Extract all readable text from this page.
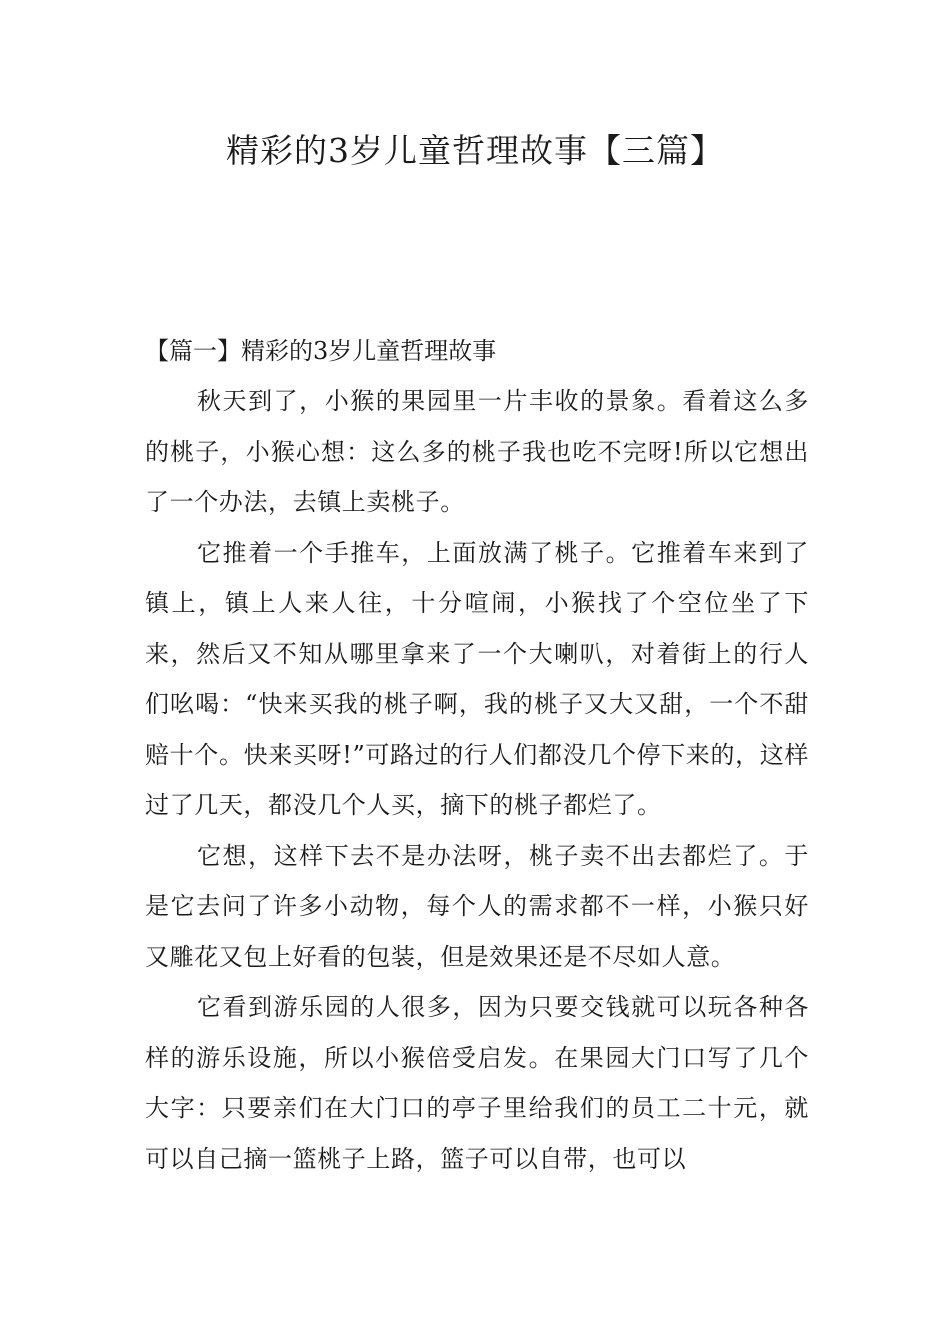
精彩的3岁儿童哲理故事【三篇】

【篇一】精彩的3岁儿童哲理故事

秋天到了，小猴的果园里一片丰收的景象。看着这么多的桃子，小猴心想：这么多的桃子我也吃不完呀!所以它想出了一个办法，去镇上卖桃子。

它推着一个手推车，上面放满了桃子。它推着车来到了镇上，镇上人来人往，十分喧闹，小猴找了个空位坐了下来，然后又不知从哪里拿来了一个大喇叭，对着街上的行人们吆喝：“快来买我的桃子啊，我的桃子又大又甜，一个不甜赔十个。快来买呀!”可路过的行人们都没几个停下来的，这样过了几天，都没几个人买，摘下的桃子都烂了。

它想，这样下去不是办法呀，桃子卖不出去都烂了。于是它去问了许多小动物，每个人的需求都不一样，小猴只好又雕花又包上好看的包装，但是效果还是不尽如人意。

它看到游乐园的人很多，因为只要交钱就可以玩各种各样的游乐设施，所以小猴倍受启发。在果园大门口写了几个大字：只要亲们在大门口的亭子里给我们的员工二十元，就可以自己摘一篮桃子上路，篮子可以自带，也可以
